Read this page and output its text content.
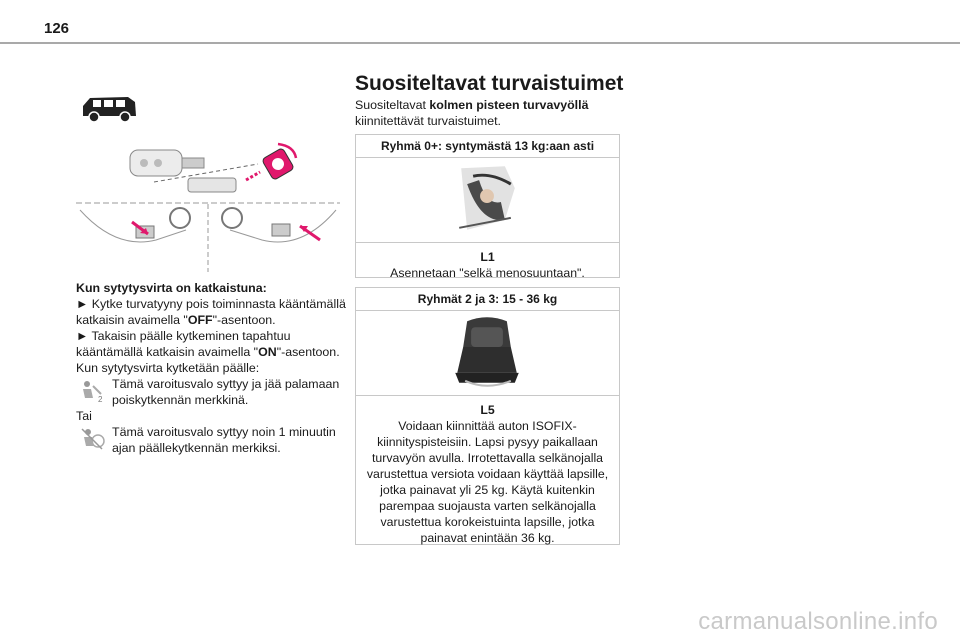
126

Kun sytytysvirta on katkaistuna:

► Kytke turvatyyny pois toiminnasta kääntämällä katkaisin avaimella "OFF"-asentoon.

► Takaisin päälle kytkeminen tapahtuu kääntämällä katkaisin avaimella "ON"-asentoon.

Kun sytytysvirta kytketään päälle:

2
Tämä varoitusvalo syttyy ja jää palamaan poiskytkennän merkkinä.

Tai

Tämä varoitusvalo syttyy noin 1 minuutin ajan päällekytkennän merkiksi.

Suositeltavat turvaistuimet
Suositeltavat kolmen pisteen turvavyöllä kiinnitettävät turvaistuimet.
Ryhmä 0+: syntymästä 13 kg:aan asti
L1
Asennetaan "selkä menosuuntaan".
Ryhmät 2 ja 3: 15 - 36 kg
L5
Voidaan kiinnittää auton ISOFIX-kiinnityspisteisiin. Lapsi pysyy paikallaan turvavyön avulla. Irrotettavalla selkänojalla varustettua versiota voidaan käyttää lapsille, jotka painavat yli 25 kg. Käytä kuitenkin parempaa suojausta varten selkänojalla varustettua korokeistuinta lapsille, jotka painavat enintään 36 kg.
carmanualsonline.info
